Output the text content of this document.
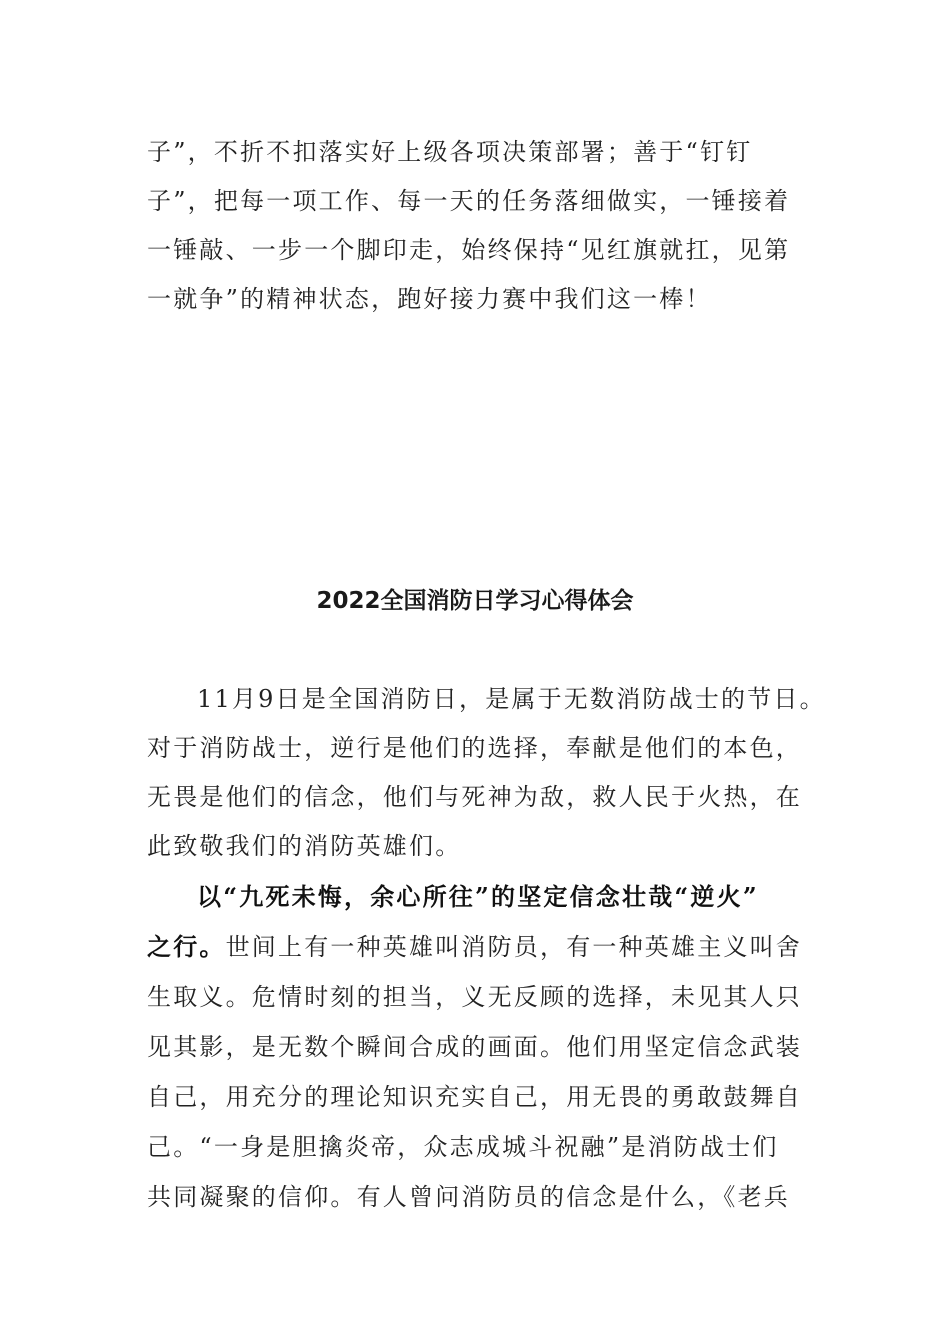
子”，不折不扣落实好上级各项决策部署；善于“钉钉
子”，把每一项工作、每一天的任务落细做实，一锤接着
一锤敲、一步一个脚印走，始终保持“见红旗就扛，见第
一就争”的精神状态，跑好接力赛中我们这一棒！
2022全国消防日学习心得体会
11月9日是全国消防日，是属于无数消防战士的节日。
对于消防战士，逆行是他们的选择，奉献是他们的本色，
无畏是他们的信念，他们与死神为敌，救人民于火热，在
此致敬我们的消防英雄们。
以“九死未悔，余心所往”的坚定信念壮哉“逆火”
之行。世间上有一种英雄叫消防员，有一种英雄主义叫舍
生取义。危情时刻的担当，义无反顾的选择，未见其人只
见其影，是无数个瞬间合成的画面。他们用坚定信念武装
自己，用充分的理论知识充实自己，用无畏的勇敢鼓舞自
己。“一身是胆擒炎帝，众志成城斗祝融”是消防战士们
共同凝聚的信仰。有人曾问消防员的信念是什么，《老兵
